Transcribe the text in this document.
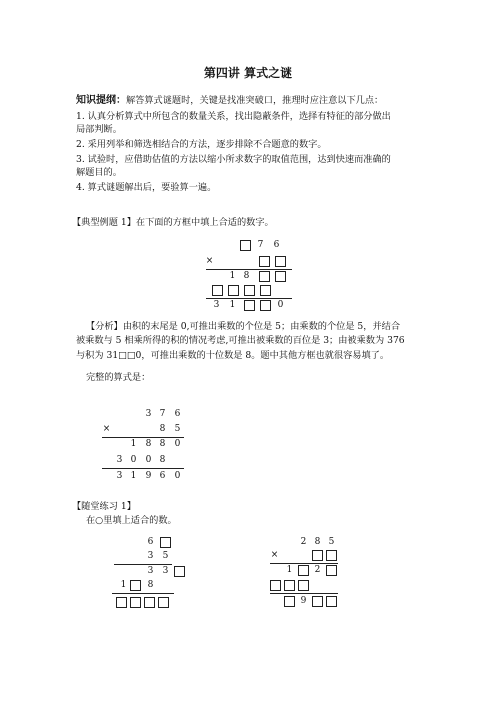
第四讲 算式之谜
知识提纲：解答算式谜题时，关键是找准突破口，推理时应注意以下几点：
1. 认真分析算式中所包含的数量关系，找出隐蔽条件，选择有特征的部分做出
局部判断。
2. 采用列举和筛选相结合的方法，逐步排除不合题意的数字。
3. 试验时，应借助估值的方法以缩小所求数字的取值范围，达到快速而准确的
解题目的。
4. 算式谜题解出后，要验算一遍。
【典型例题 1】在下面的方框中填上合适的数字。
7 6
×
1 8
3 1	0
【分析】由积的末尾是 0,可推出乘数的个位是 5；由乘数的个位是 5，并结合
被乘数与 5 相乘所得的积的情况考虑,可推出被乘数的百位是 3；由被乘数为 376
与积为 31□□0，可推出乘数的十位数是 8。题中其他方框也就很容易填了。
完整的算式是：
3 7 6
×	8 5
1 8 8 0
3 0 0 8
3 1 9 6 0
【随堂练习 1】
在○里填上适合的数。
6
3 5
3 3
1 8
2 8 5
×
1 2
9
